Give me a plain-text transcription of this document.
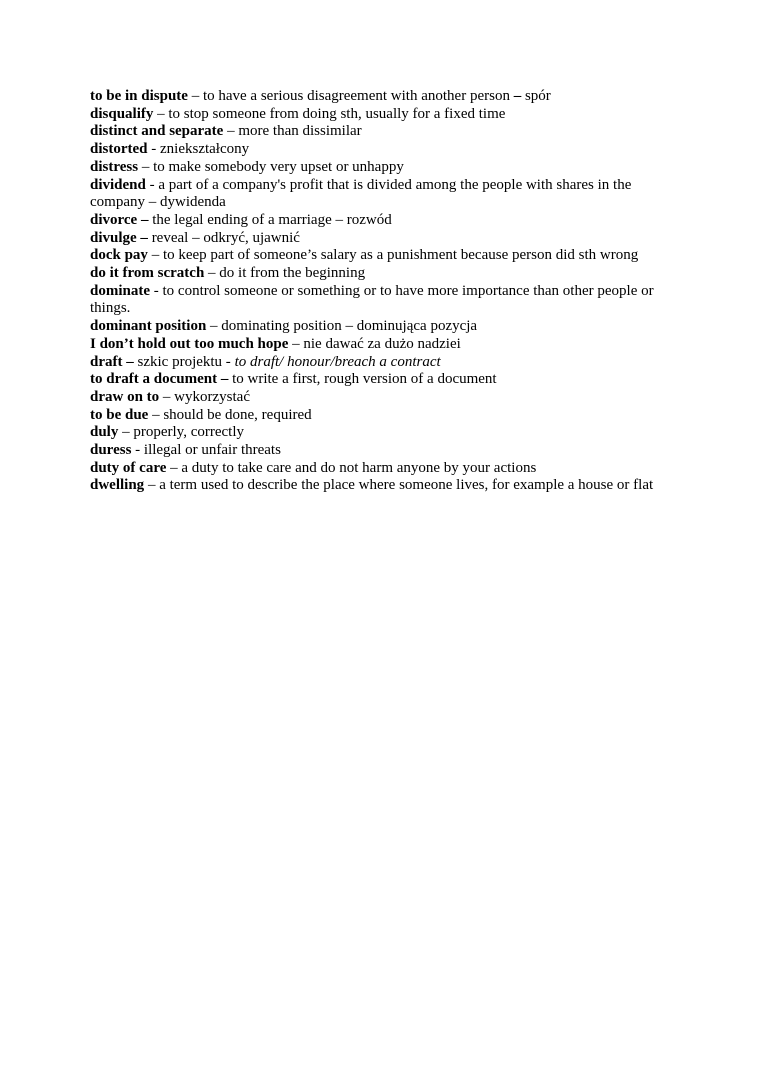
to be in dispute – to have a serious disagreement with another person – spór

disqualify – to stop someone from doing sth, usually for a fixed time

distinct and separate – more than dissimilar

distorted - zniekształcony

distress – to make somebody very upset or unhappy

dividend - a part of a company's profit that is divided among the people with shares in the company – dywidenda

divorce – the legal ending of a marriage – rozwód

divulge – reveal – odkryć, ujawnić

dock pay – to keep part of someone’s salary as a punishment because person did sth wrong

do it from scratch – do it from the beginning

dominate - to control someone or something or to have more importance than other people or things.

dominant position – dominating position – dominująca pozycja

I don’t hold out too much hope – nie dawać za dużo nadziei

draft – szkic projektu - to draft/ honour/breach a contract

to draft a document – to write a first, rough version of a document

draw on to – wykorzystać

to be due – should be done, required

duly – properly, correctly

duress - illegal or unfair threats

duty of care – a duty to take care and do not harm anyone by your actions

dwelling – a term used to describe the place where someone lives, for example a house or flat
